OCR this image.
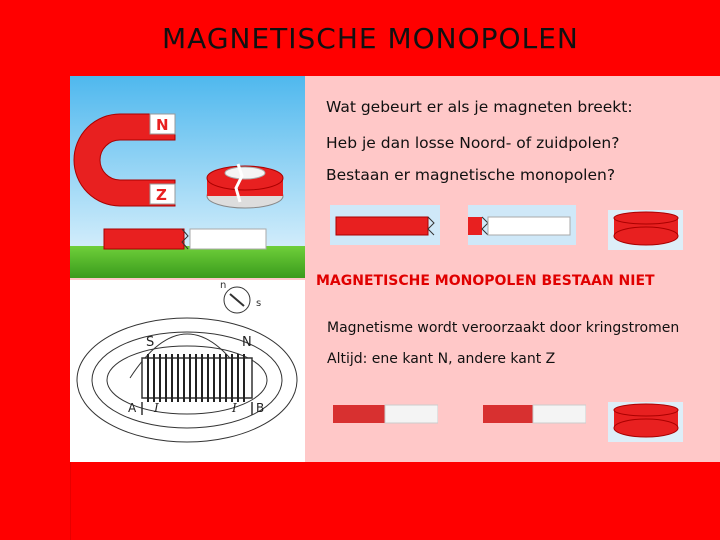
MAGNETISCHE MONOPOLEN
N
Z
n
s
S	N
A	B
I	I
Wat gebeurt er als je magneten breekt:
Heb je dan losse Noord- of zuidpolen?
Bestaan er magnetische monopolen?
MAGNETISCHE MONOPOLEN BESTAAN NIET
Magnetisme wordt veroorzaakt door kringstromen
Altijd: ene kant N, andere kant Z
